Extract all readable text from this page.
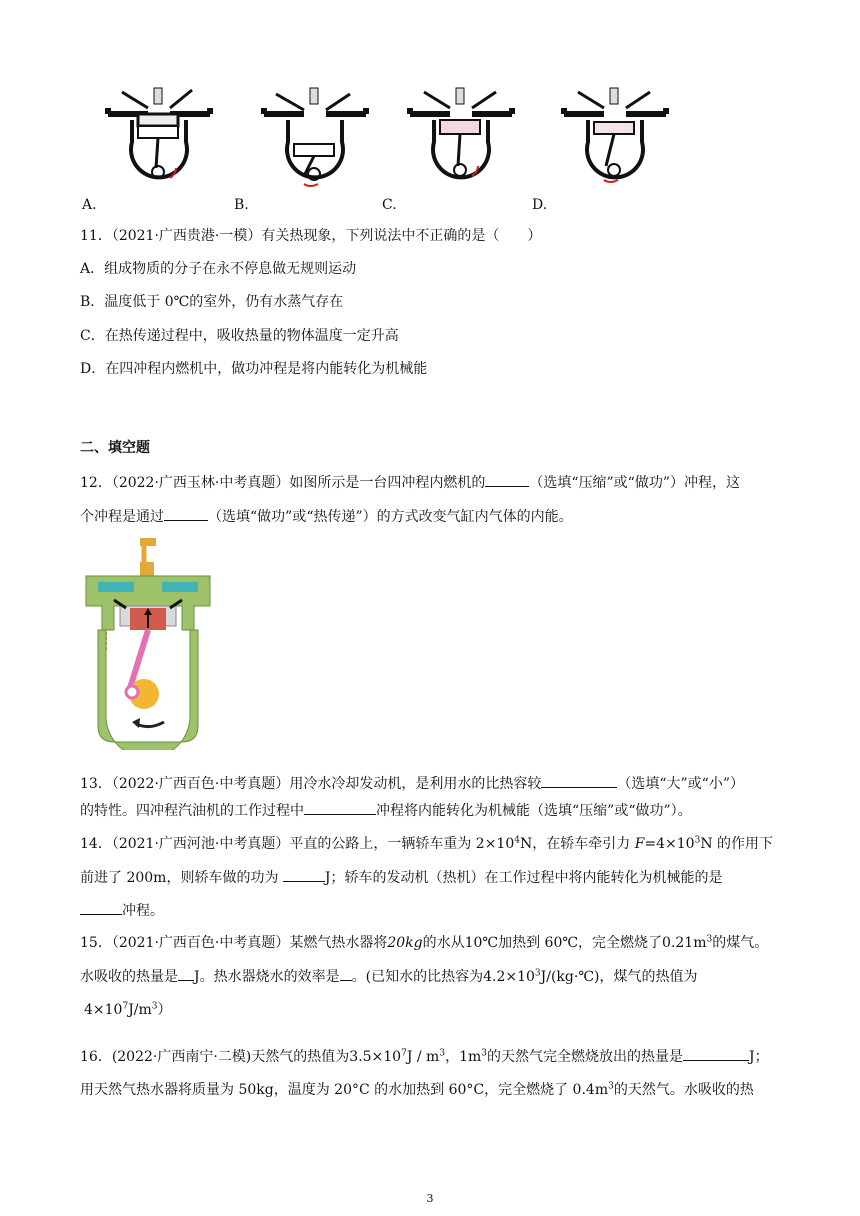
A.	B.	C.	D.
11．（2021·广西贵港·一模）有关热现象，下列说法中不正确的是（　　）
A．组成物质的分子在永不停息做无规则运动
B．温度低于 0℃的室外，仍有水蒸气存在
C．在热传递过程中，吸收热量的物体温度一定升高
D．在四冲程内燃机中，做功冲程是将内能转化为机械能
二、填空题
12．（2022·广西玉林·中考真题）如图所示是一台四冲程内燃机的	（选填“压缩”或“做功”）冲程，这
个冲程是通过	（选填“做功”或“热传递”）的方式改变气缸内气体的内能。
13．（2022·广西百色·中考真题）用冷水冷却发动机，是利用水的比热容较	（选填“大”或“小”）
的特性。四冲程汽油机的工作过程中	冲程将内能转化为机械能（选填“压缩”或“做功”）。
14．（2021·广西河池·中考真题）平直的公路上，一辆轿车重为 $2\times 10^4N$，在轿车牵引力 $F=4\times 10^3N$ 的作用下
前进了 200m，则轿车做的功为	J；轿车的发动机（热机）在工作过程中将内能转化为机械能的是
冲程。
15．（2021·广西百色·中考真题）某燃气热水器将20kg的水从10℃加热到 60℃，完全燃烧了$0.21m^3$的煤气。
水吸收的热量是 J。热水器烧水的效率是 。(已知水的比热容为$4.2\times 10^3J/(kg\cdot℃)$，煤气的热值为
$4\times 10^7J/m^3$）
16．(2022·广西南宁·二模)天然气的热值为$3.5\times 10^7J / m^3$，$1m^3$的天然气完全燃烧放出的热量是	J；
用天然气热水器将质量为 50kg，温度为 20°C 的水加热到 60°C，完全燃烧了 $0.4m^3$的天然气。水吸收的热
3
